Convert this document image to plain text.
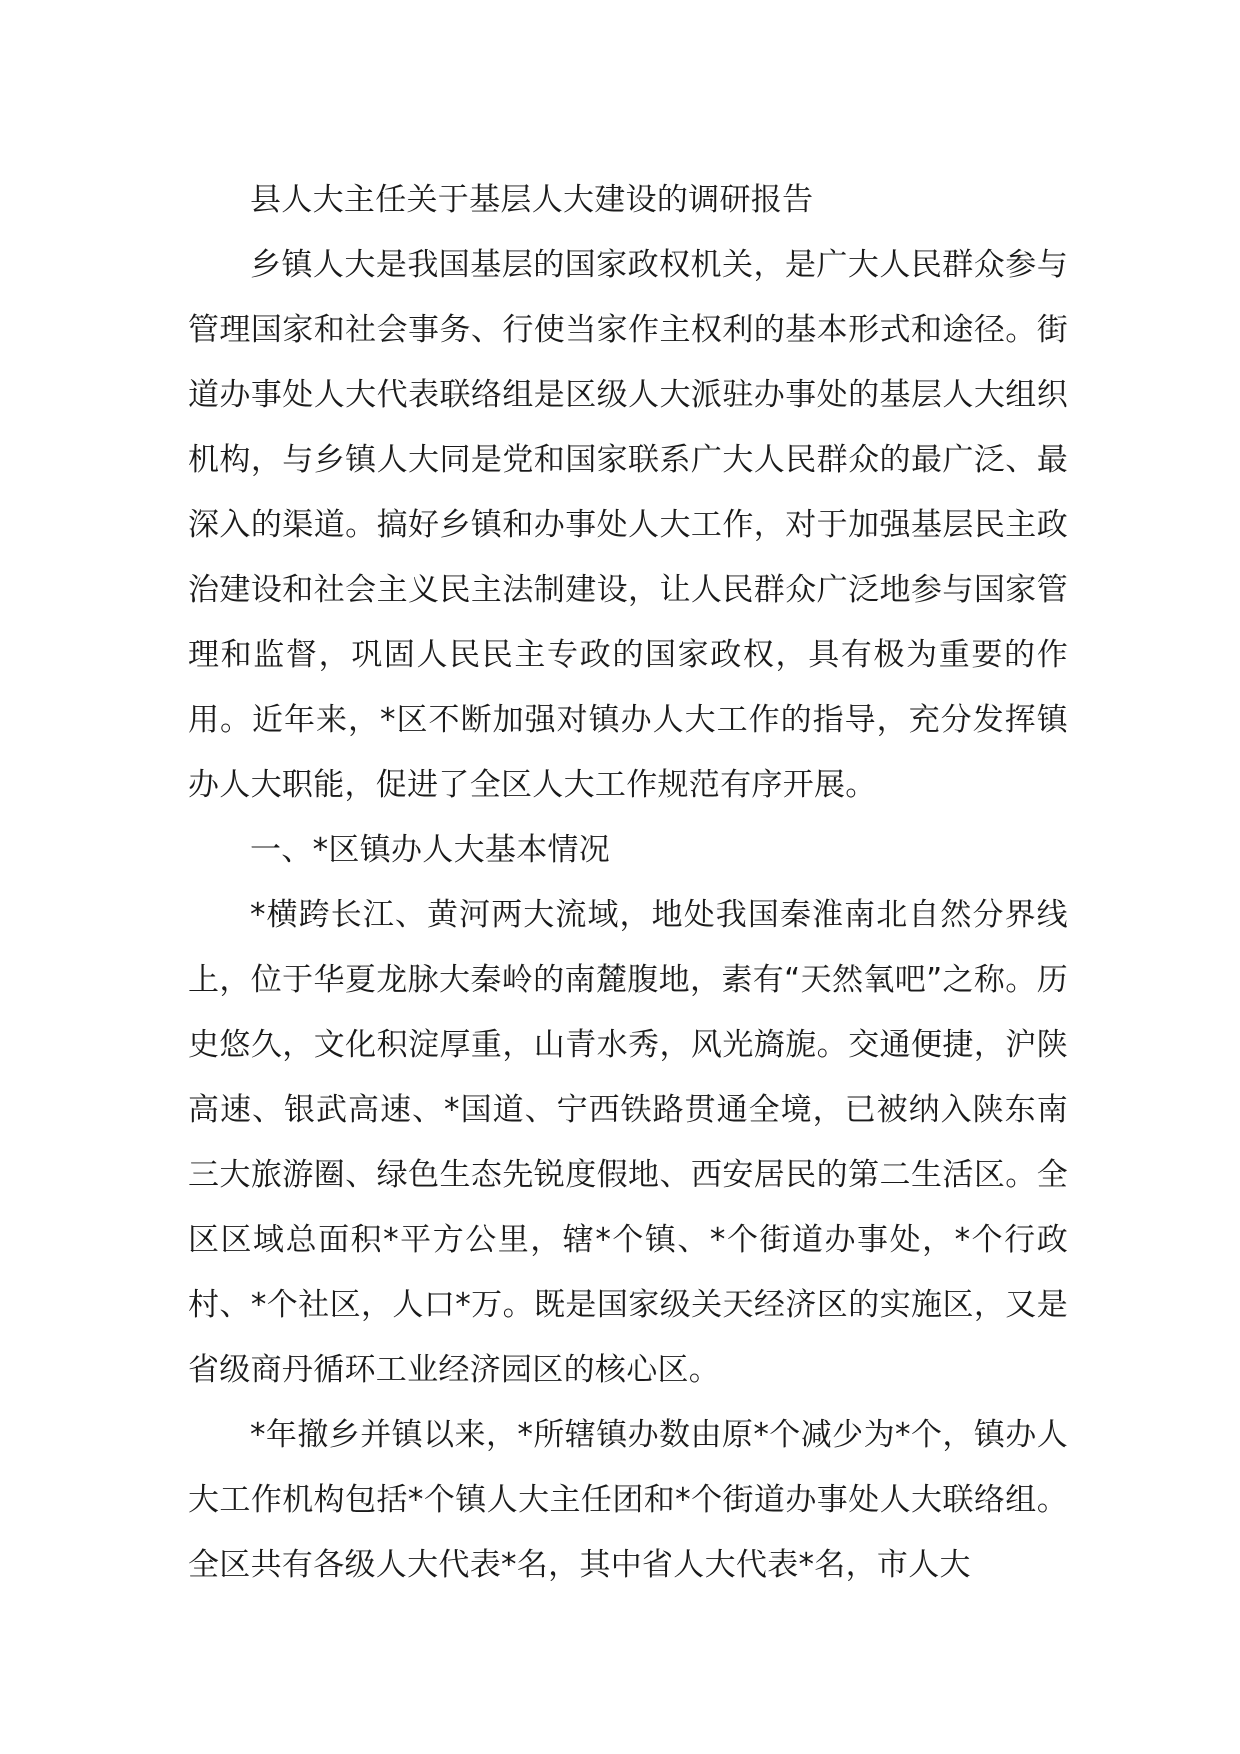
县人大主任关于基层人大建设的调研报告

乡镇人大是我国基层的国家政权机关，是广大人民群众参与管理国家和社会事务、行使当家作主权利的基本形式和途径。街道办事处人大代表联络组是区级人大派驻办事处的基层人大组织机构，与乡镇人大同是党和国家联系广大人民群众的最广泛、最深入的渠道。搞好乡镇和办事处人大工作，对于加强基层民主政治建设和社会主义民主法制建设，让人民群众广泛地参与国家管理和监督，巩固人民民主专政的国家政权，具有极为重要的作用。近年来，*区不断加强对镇办人大工作的指导，充分发挥镇办人大职能，促进了全区人大工作规范有序开展。

一、*区镇办人大基本情况

*横跨长江、黄河两大流域，地处我国秦淮南北自然分界线上，位于华夏龙脉大秦岭的南麓腹地，素有“天然氧吧”之称。历史悠久，文化积淀厚重，山青水秀，风光旖旎。交通便捷，沪陕高速、银武高速、*国道、宁西铁路贯通全境，已被纳入陕东南三大旅游圈、绿色生态先锐度假地、西安居民的第二生活区。全区区域总面积*平方公里，辖*个镇、*个街道办事处，*个行政村、*个社区，人口*万。既是国家级关天经济区的实施区，又是省级商丹循环工业经济园区的核心区。

*年撤乡并镇以来，*所辖镇办数由原*个减少为*个，镇办人大工作机构包括*个镇人大主任团和*个街道办事处人大联络组。全区共有各级人大代表*名，其中省人大代表*名，市人大
